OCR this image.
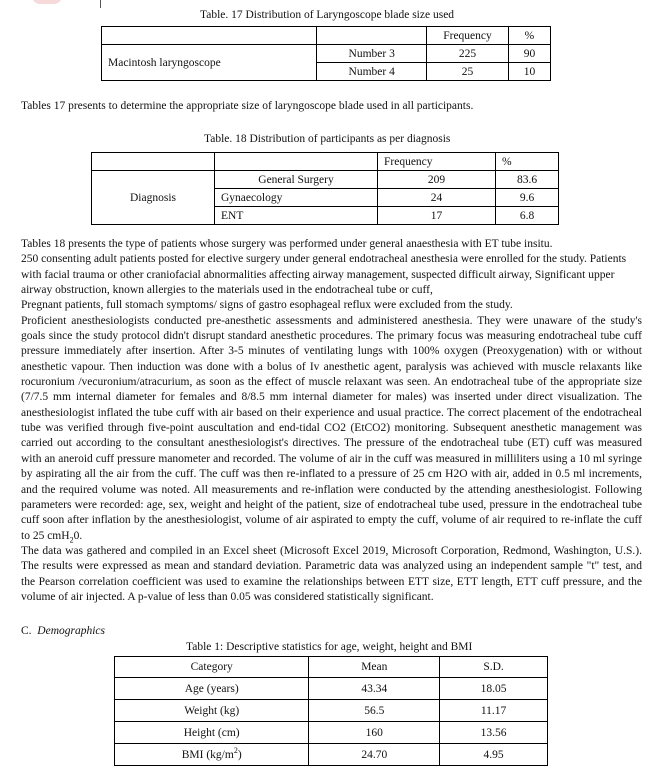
Table. 17 Distribution of Laryngoscope blade size used
		Frequency	%
Macintosh laryngoscope	Number 3	225	90
	Number 4	25	10
Tables 17 presents to determine the appropriate size of laryngoscope blade used in all participants.
Table. 18 Distribution of participants as per diagnosis
		Frequency	%
Diagnosis	General Surgery	209	83.6
	Gynaecology	24	9.6
	ENT	17	6.8

Tables 18 presents the type of patients whose surgery was performed under general anaesthesia with ET tube insitu.

250 consenting adult patients posted for elective surgery under general endotracheal anesthesia were enrolled for the study. Patients with facial trauma or other craniofacial abnormalities affecting airway management, suspected difficult airway, Significant upper airway obstruction, known allergies to the materials used in the endotracheal tube or cuff,

Pregnant patients, full stomach symptoms/ signs of gastro esophageal reflux were excluded from the study.

Proficient anesthesiologists conducted pre-anesthetic assessments and administered anesthesia. They were unaware of the study's goals since the study protocol didn't disrupt standard anesthetic procedures. The primary focus was measuring endotracheal tube cuff pressure immediately after insertion. After 3-5 minutes of ventilating lungs with 100% oxygen (Preoxygenation) with or without anesthetic vapour. Then induction was done with a bolus of Iv anesthetic agent, paralysis was achieved with muscle relaxants like rocuronium /vecuronium/atracurium, as soon as the effect of muscle relaxant was seen. An endotracheal tube of the appropriate size (7/7.5 mm internal diameter for females and 8/8.5 mm internal diameter for males) was inserted under direct visualization. The anesthesiologist inflated the tube cuff with air based on their experience and usual practice. The correct placement of the endotracheal tube was verified through five-point auscultation and end-tidal CO2 (EtCO2) monitoring. Subsequent anesthetic management was carried out according to the consultant anesthesiologist's directives. The pressure of the endotracheal tube (ET) cuff was measured with an aneroid cuff pressure manometer and recorded. The volume of air in the cuff was measured in milliliters using a 10 ml syringe by aspirating all the air from the cuff. The cuff was then re-inflated to a pressure of 25 cm H2O with air, added in 0.5 ml increments, and the required volume was noted. All measurements and re-inflation were conducted by the attending anesthesiologist. Following parameters were recorded: age, sex, weight and height of the patient, size of endotracheal tube used, pressure in the endotracheal tube cuff soon after inflation by the anesthesiologist, volume of air aspirated to empty the cuff, volume of air required to re-inflate the cuff to 25 cmH$_2$0.

The data was gathered and compiled in an Excel sheet (Microsoft Excel 2019, Microsoft Corporation, Redmond, Washington, U.S.). The results were expressed as mean and standard deviation. Parametric data was analyzed using an independent sample "t" test, and the Pearson correlation coefficient was used to examine the relationships between ETT size, ETT length, ETT cuff pressure, and the volume of air injected. A p-value of less than 0.05 was considered statistically significant.

C. Demographics
Table 1: Descriptive statistics for age, weight, height and BMI
Category	Mean	S.D.
Age (years)	43.34	18.05
Weight (kg)	56.5	11.17
Height (cm)	160	13.56
BMI $(kg/m^2)$	24.70	4.95
